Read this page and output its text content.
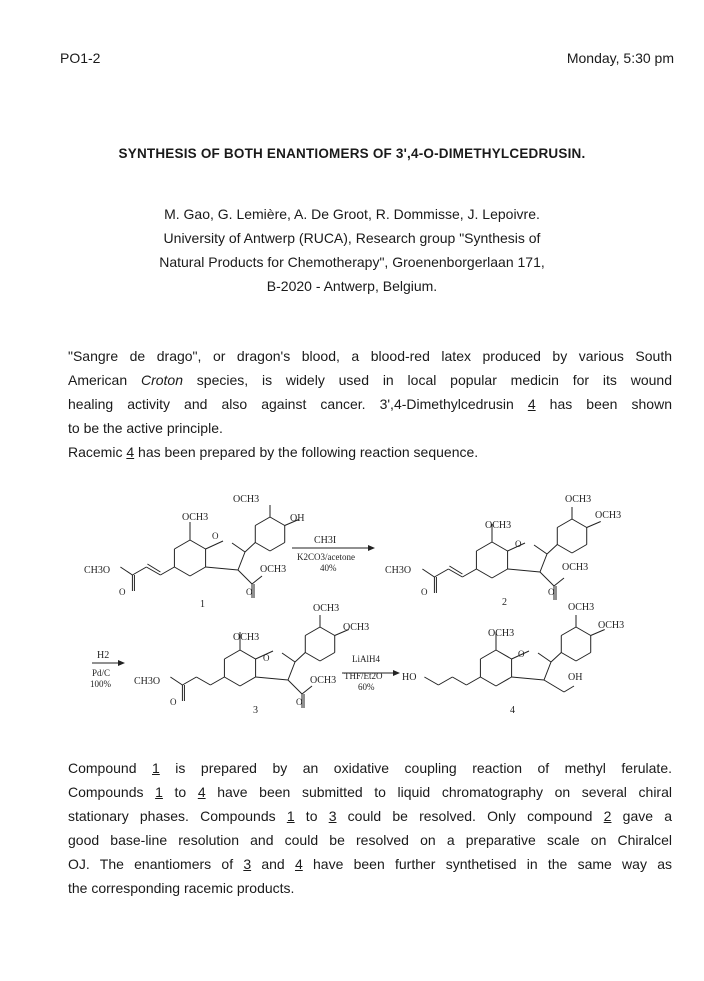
PO1-2	Monday, 5:30 pm
SYNTHESIS OF BOTH ENANTIOMERS OF 3',4-O-DIMETHYLCEDRUSIN.
M. Gao, G. Lemière, A. De Groot, R. Dommisse, J. Lepoivre.
University of Antwerp (RUCA), Research group "Synthesis of
Natural Products for Chemotherapy", Groenenborgerlaan 171,
B-2020 - Antwerp, Belgium.
"Sangre de drago", or dragon's blood, a blood-red latex produced by various South
American Croton species, is widely used in local popular medicin for its wound
healing activity and also against cancer. 3',4-Dimethylcedrusin 4 has been shown
to be the active principle.
Racemic 4 has been prepared by the following reaction sequence.
OCH3
OCH3
OH
O
OCH3
CH3O
O	O
1
CH3I
K2CO3/acetone
40%
OCH3
OCH3
OCH3
O
OCH3
CH3O
O	O
2
H2
Pd/C
100%
OCH3
OCH3
OCH3
O
OCH3
CH3O
O	O
3
LiAlH4
THF/Et2O
60%
OCH3
OCH3
OCH3
O
OH
HO
4
Compound 1 is prepared by an oxidative coupling reaction of methyl ferulate.
Compounds 1 to 4 have been submitted to liquid chromatography on several chiral
stationary phases. Compounds 1 to 3 could be resolved. Only compound 2 gave a
good base-line resolution and could be resolved on a preparative scale on Chiralcel
OJ. The enantiomers of 3 and 4 have been further synthetised in the same way as
the corresponding racemic products.
